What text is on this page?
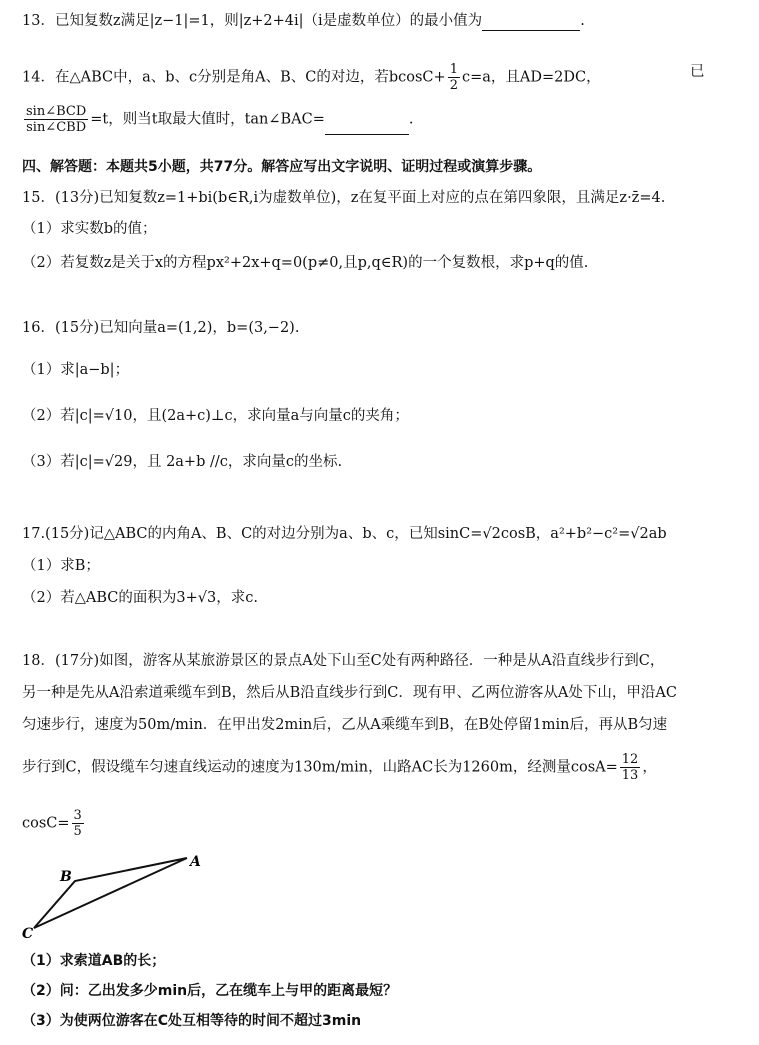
13．已知复数z满足|z−1|=1，则|z+2+4i|（i是虚数单位）的最小值为	.
14．在△ABC中，a、b、c分别是角A、B、C的对边，若$bcosC+ \frac{1}{2} c=a$，且AD=2DC，	已
$\frac{\text{sin∠BCD}}{\text{sin∠CBD}} =t$，则当t取最大值时，tan∠BAC=	.
四、解答题：本题共5小题，共77分。解答应写出文字说明、证明过程或演算步骤。
15．(13分)已知复数z=1+bi(b∈R,i为虚数单位)，z在复平面上对应的点在第四象限，且满足z·z̄=4.
（1）求实数b的值；
（2）若复数z是关于x的方程px²+2x+q=0(p≠0,且p,q∈R)的一个复数根，求p+q的值.
16．(15分)已知向量a=(1,2)，b=(3,−2).
（1）求|a−b|；
（2）若|c|=√10，且(2a+c)⊥c，求向量a与向量c的夹角；
（3）若|c|=√29，且 2a+b //c，求向量c的坐标.
17.(15分)记△ABC的内角A、B、C的对边分别为a、b、c，已知sinC=√2cosB，a²+b²−c²=√2ab
（1）求B；
（2）若△ABC的面积为3+√3，求c.
18．(17分)如图，游客从某旅游景区的景点A处下山至C处有两种路径．一种是从A沿直线步行到C，
另一种是先从A沿索道乘缆车到B，然后从B沿直线步行到C．现有甲、乙两位游客从A处下山，甲沿AC
匀速步行，速度为50m/min．在甲出发2min后，乙从A乘缆车到B，在B处停留1min后，再从B匀速
步行到C，假设缆车匀速直线运动的速度为130m/min，山路AC长为1260m，经测量$\cos A= \frac{12}{13}$ ，
$\cos C= \frac{3}{5}$
A
B
C
（1）求索道AB的长；
（2）问：乙出发多少min后，乙在缆车上与甲的距离最短？
（3）为使两位游客在C处互相等待的时间不超过3min
